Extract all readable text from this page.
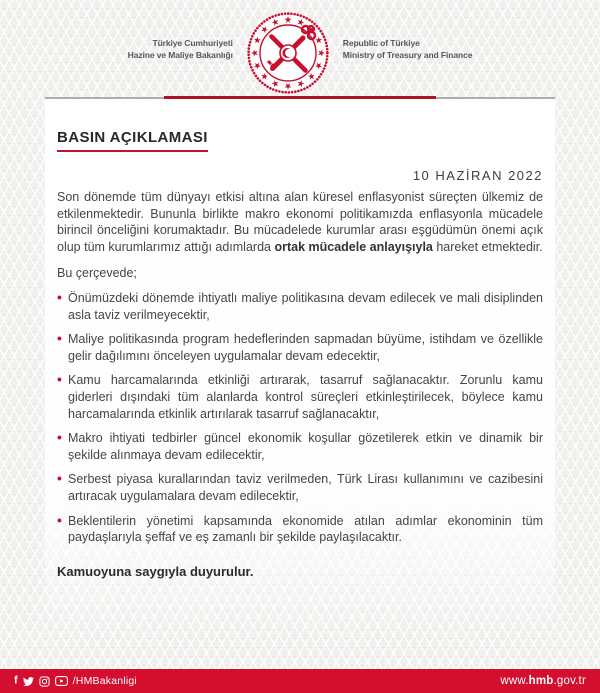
Türkiye Cumhuriyeti
Hazine ve Maliye Bakanlığı
Republic of Türkiye
Ministry of Treasury and Finance
BASIN AÇIKLAMASI
10 HAZİRAN 2022

Son dönemde tüm dünyayı etkisi altına alan küresel enflasyonist süreçten ülkemiz de etkilenmektedir. Bununla birlikte makro ekonomi politikamızda enflasyonla mücadele birincil önceliğini korumaktadır. Bu mücadelede kurumlar arası eşgüdümün önemi açık olup tüm kurumlarımız attığı adımlarda ortak mücadele anlayışıyla hareket etmektedir.

Bu çerçevede;

• Önümüzdeki dönemde ihtiyatlı maliye politikasına devam edilecek ve mali disiplinden asla taviz verilmeyecektir,
• Maliye politikasında program hedeflerinden sapmadan büyüme, istihdam ve özellikle gelir dağılımını önceleyen uygulamalar devam edecektir,
• Kamu harcamalarında etkinliği artırarak, tasarruf sağlanacaktır. Zorunlu kamu giderleri dışındaki tüm alanlarda kontrol süreçleri etkinleştirilecek, böylece kamu harcamalarında etkinlik artırılarak tasarruf sağlanacaktır,
• Makro ihtiyati tedbirler güncel ekonomik koşullar gözetilerek etkin ve dinamik bir şekilde alınmaya devam edilecektir,
• Serbest piyasa kurallarından taviz verilmeden, Türk Lirası kullanımını ve cazibesini artıracak uygulamalara devam edilecektir,
• Beklentilerin yönetimi kapsamında ekonomide atılan adımlar ekonominin tüm paydaşlarıyla şeffaf ve eş zamanlı bir şekilde paylaşılacaktır.

Kamuoyuna saygıyla duyurulur.

f	/HMBakanligi	www.hmb.gov.tr
